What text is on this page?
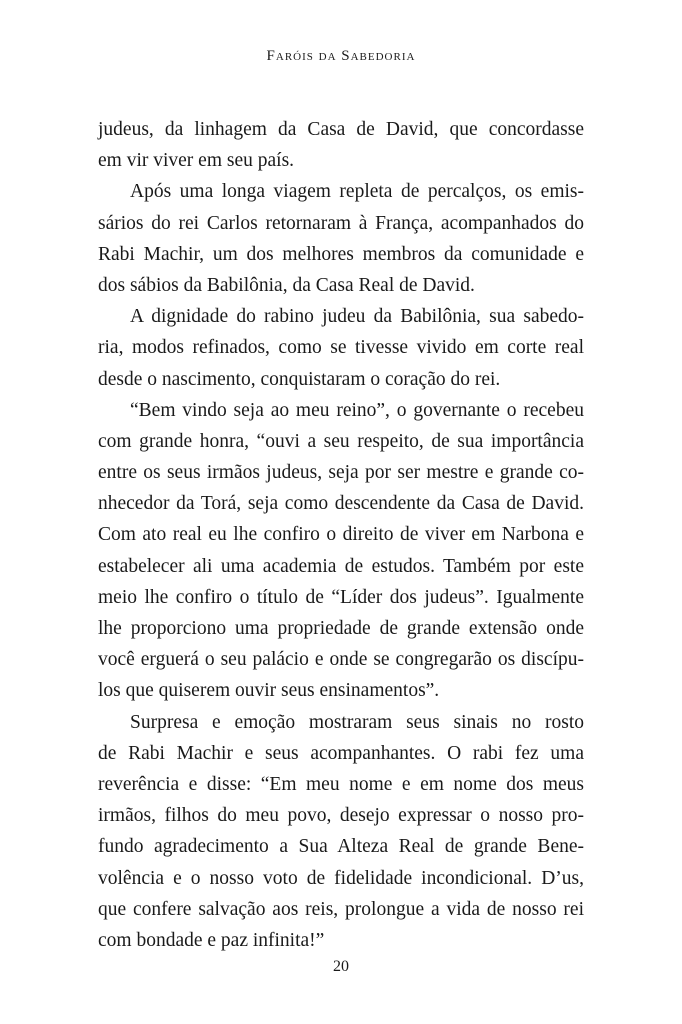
Faróis da Sabedoria
judeus, da linhagem da Casa de David, que concordasse
em vir viver em seu país.
Após uma longa viagem repleta de percalços, os emis-
sários do rei Carlos retornaram à França, acompanhados do
Rabi Machir, um dos melhores membros da comunidade e
dos sábios da Babilônia, da Casa Real de David.
A dignidade do rabino judeu da Babilônia, sua sabedo-
ria, modos refinados, como se tivesse vivido em corte real
desde o nascimento, conquistaram o coração do rei.
“Bem vindo seja ao meu reino”, o governante o recebeu
com grande honra, “ouvi a seu respeito, de sua importância
entre os seus irmãos judeus, seja por ser mestre e grande co-
nhecedor da Torá, seja como descendente da Casa de David.
Com ato real eu lhe confiro o direito de viver em Narbona e
estabelecer ali uma academia de estudos. Também por este
meio lhe confiro o título de “Líder dos judeus”. Igualmente
lhe proporciono uma propriedade de grande extensão onde
você erguerá o seu palácio e onde se congregarão os discípu-
los que quiserem ouvir seus ensinamentos”.
Surpresa e emoção mostraram seus sinais no rosto
de Rabi Machir e seus acompanhantes. O rabi fez uma
reverência e disse: “Em meu nome e em nome dos meus
irmãos, filhos do meu povo, desejo expressar o nosso pro-
fundo agradecimento a Sua Alteza Real de grande Bene-
volência e o nosso voto de fidelidade incondicional. D’us,
que confere salvação aos reis, prolongue a vida de nosso rei
com bondade e paz infinita!”
20
